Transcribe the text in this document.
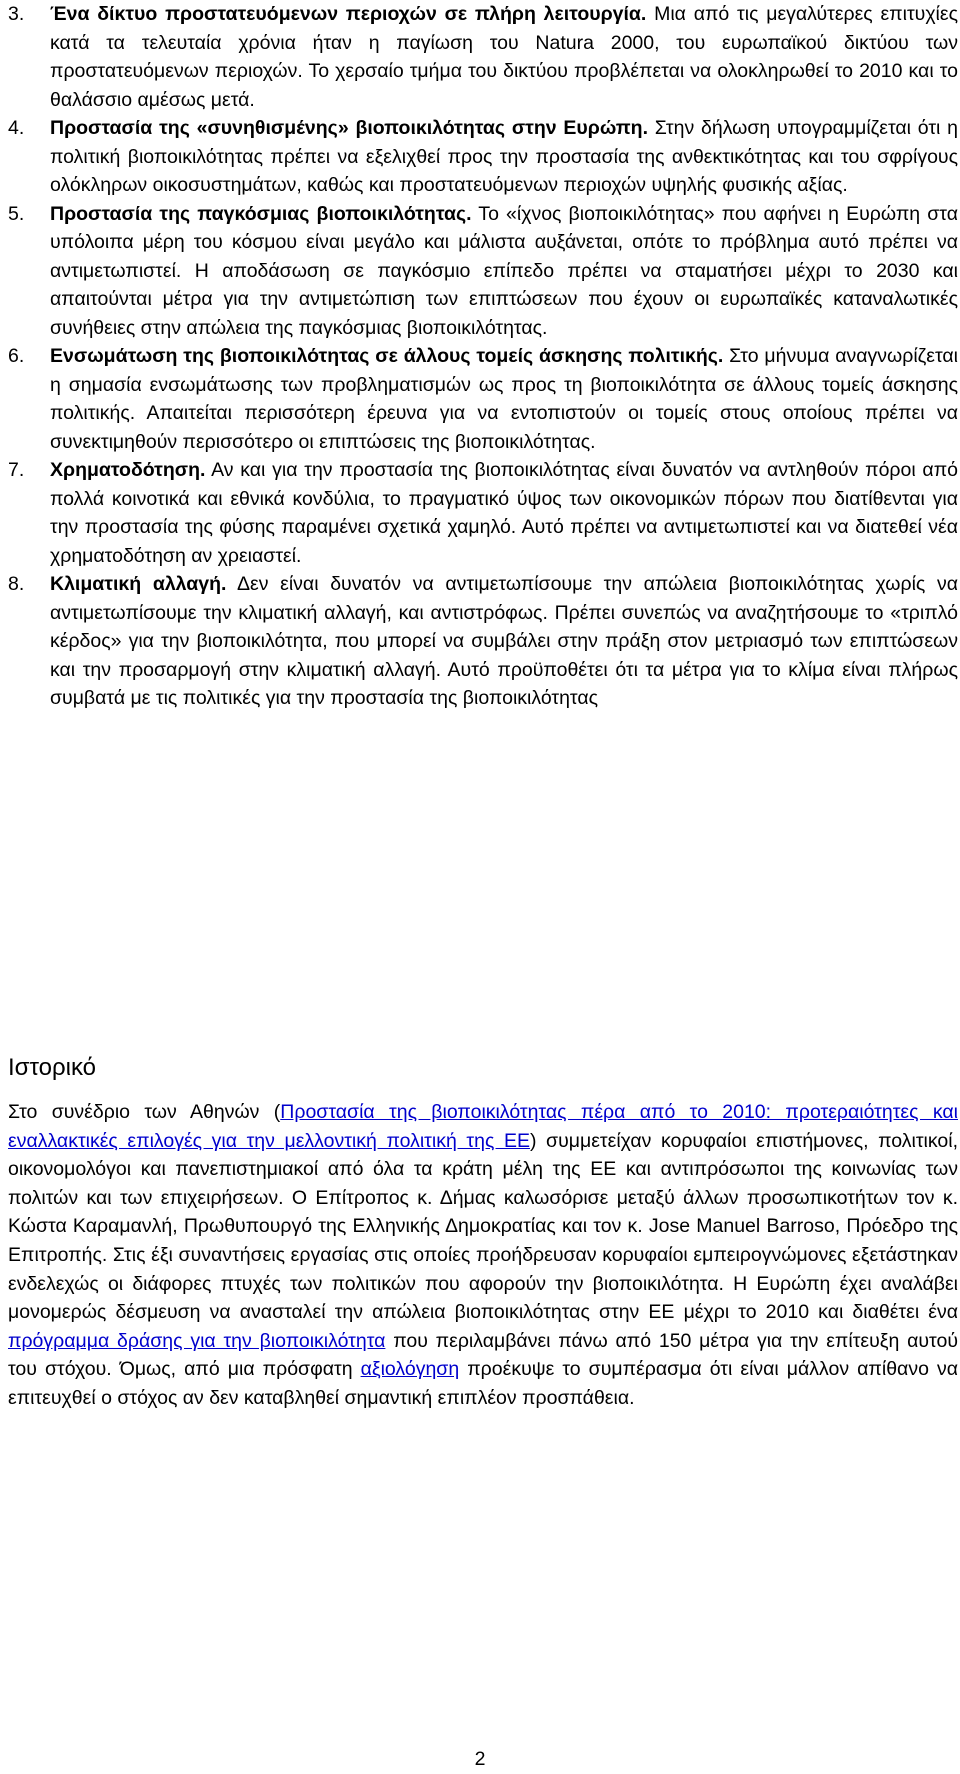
3.	Ένα δίκτυο προστατευόμενων περιοχών σε πλήρη λειτουργία. Μια από τις μεγαλύτερες επιτυχίες κατά τα τελευταία χρόνια ήταν η παγίωση του Natura 2000, του ευρωπαϊκού δικτύου των προστατευόμενων περιοχών. Το χερσαίο τμήμα του δικτύου προβλέπεται να ολοκληρωθεί το 2010 και το θαλάσσιο αμέσως μετά.
4.	Προστασία της «συνηθισμένης» βιοποικιλότητας στην Ευρώπη. Στην δήλωση υπογραμμίζεται ότι η πολιτική βιοποικιλότητας πρέπει να εξελιχθεί προς την προστασία της ανθεκτικότητας και του σφρίγους ολόκληρων οικοσυστημάτων, καθώς και προστατευόμενων περιοχών υψηλής φυσικής αξίας.
5.	Προστασία της παγκόσμιας βιοποικιλότητας. Το «ίχνος βιοποικιλότητας» που αφήνει η Ευρώπη στα υπόλοιπα μέρη του κόσμου είναι μεγάλο και μάλιστα αυξάνεται, οπότε το πρόβλημα αυτό πρέπει να αντιμετωπιστεί. Η αποδάσωση σε παγκόσμιο επίπεδο πρέπει να σταματήσει μέχρι το 2030 και απαιτούνται μέτρα για την αντιμετώπιση των επιπτώσεων που έχουν οι ευρωπαϊκές καταναλωτικές συνήθειες στην απώλεια της παγκόσμιας βιοποικιλότητας.
6.	Ενσωμάτωση της βιοποικιλότητας σε άλλους τομείς άσκησης πολιτικής. Στο μήνυμα αναγνωρίζεται η σημασία ενσωμάτωσης των προβληματισμών ως προς τη βιοποικιλότητα σε άλλους τομείς άσκησης πολιτικής. Απαιτείται περισσότερη έρευνα για να εντοπιστούν οι τομείς στους οποίους πρέπει να συνεκτιμηθούν περισσότερο οι επιπτώσεις της βιοποικιλότητας.
7.	Χρηματοδότηση. Αν και για την προστασία της βιοποικιλότητας είναι δυνατόν να αντληθούν πόροι από πολλά κοινοτικά και εθνικά κονδύλια, το πραγματικό ύψος των οικονομικών πόρων που διατίθενται για την προστασία της φύσης παραμένει σχετικά χαμηλό. Αυτό πρέπει να αντιμετωπιστεί και να διατεθεί νέα χρηματοδότηση αν χρειαστεί.
8.	Κλιματική αλλαγή. Δεν είναι δυνατόν να αντιμετωπίσουμε την απώλεια βιοποικιλότητας χωρίς να αντιμετωπίσουμε την κλιματική αλλαγή, και αντιστρόφως. Πρέπει συνεπώς να αναζητήσουμε το «τριπλό κέρδος» για την βιοποικιλότητα, που μπορεί να συμβάλει στην πράξη στον μετριασμό των επιπτώσεων και την προσαρμογή στην κλιματική αλλαγή. Αυτό προϋποθέτει ότι τα μέτρα για το κλίμα είναι πλήρως συμβατά με τις πολιτικές για την προστασία της βιοποικιλότητας
Ιστορικό
Στο συνέδριο των Αθηνών (Προστασία της βιοποικιλότητας πέρα από το 2010: προτεραιότητες και εναλλακτικές επιλογές για την μελλοντική πολιτική της ΕΕ) συμμετείχαν κορυφαίοι επιστήμονες, πολιτικοί, οικονομολόγοι και πανεπιστημιακοί από όλα τα κράτη μέλη της ΕΕ και αντιπρόσωποι της κοινωνίας των πολιτών και των επιχειρήσεων. Ο Επίτροπος κ. Δήμας καλωσόρισε μεταξύ άλλων προσωπικοτήτων τον κ. Κώστα Καραμανλή, Πρωθυπουργό της Ελληνικής Δημοκρατίας και τον κ. Jose Manuel Barroso, Πρόεδρο της Επιτροπής. Στις έξι συναντήσεις εργασίας στις οποίες προήδρευσαν κορυφαίοι εμπειρογνώμονες εξετάστηκαν ενδελεχώς οι διάφορες πτυχές των πολιτικών που αφορούν την βιοποικιλότητα. Η Ευρώπη έχει αναλάβει μονομερώς δέσμευση να ανασταλεί την απώλεια βιοποικιλότητας στην ΕΕ μέχρι το 2010 και διαθέτει ένα πρόγραμμα δράσης για την βιοποικιλότητα που περιλαμβάνει πάνω από 150 μέτρα για την επίτευξη αυτού του στόχου. Όμως, από μια πρόσφατη αξιολόγηση προέκυψε το συμπέρασμα ότι είναι μάλλον απίθανο να επιτευχθεί ο στόχος αν δεν καταβληθεί σημαντική επιπλέον προσπάθεια.
2
